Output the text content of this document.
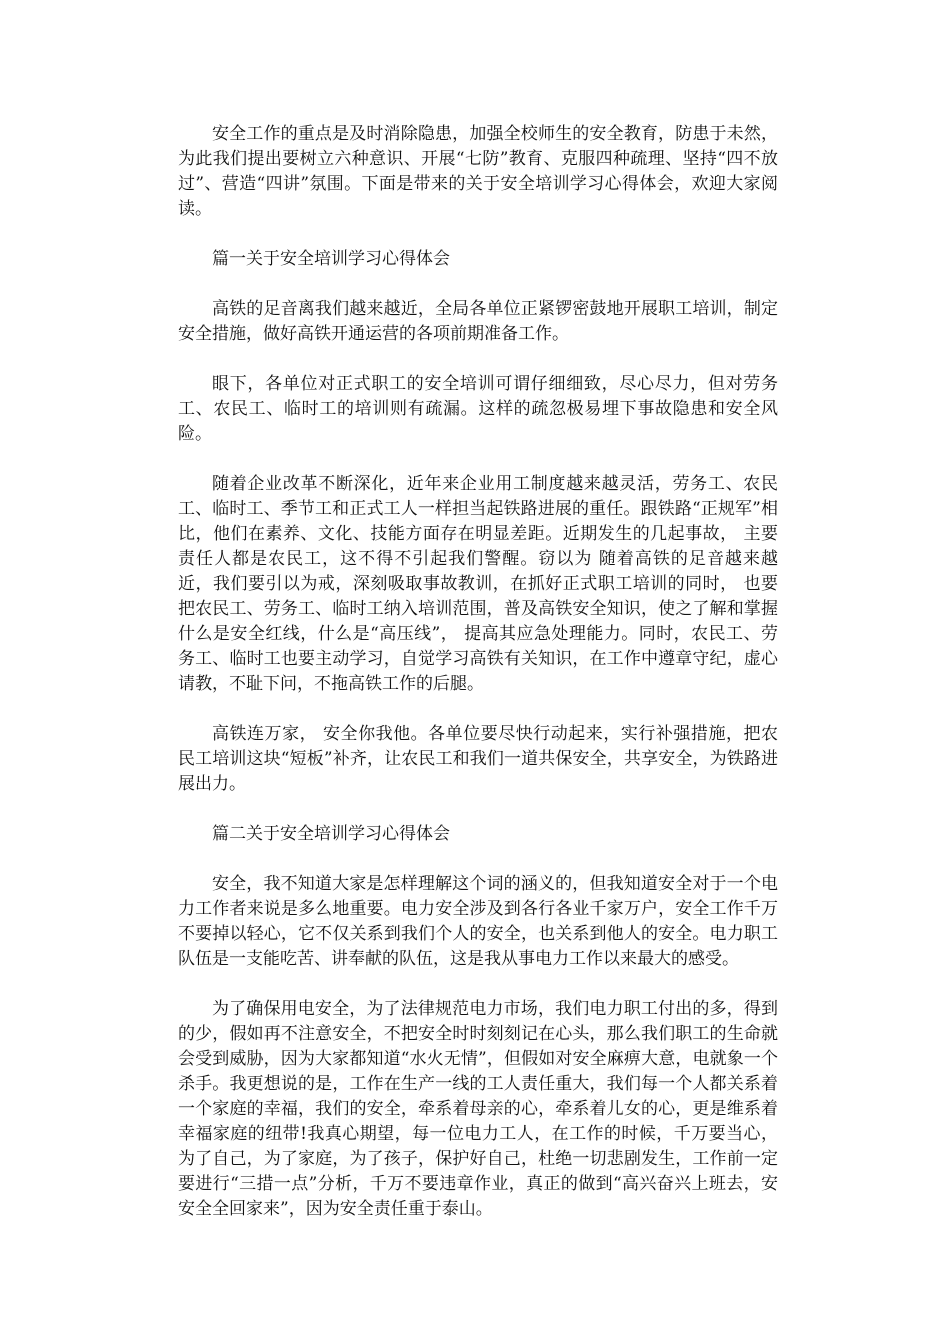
安全工作的重点是及时消除隐患，加强全校师生的安全教育，防患于未然，为此我们提出要树立六种意识、开展“七防”教育、克服四种疏理、坚持“四不放过”、营造“四讲”氛围。下面是带来的关于安全培训学习心得体会，欢迎大家阅读。

篇一关于安全培训学习心得体会

高铁的足音离我们越来越近，全局各单位正紧锣密鼓地开展职工培训，制定安全措施，做好高铁开通运营的各项前期准备工作。

眼下，各单位对正式职工的安全培训可谓仔细细致，尽心尽力，但对劳务工、农民工、临时工的培训则有疏漏。这样的疏忽极易埋下事故隐患和安全风险。

随着企业改革不断深化，近年来企业用工制度越来越灵活，劳务工、农民工、临时工、季节工和正式工人一样担当起铁路进展的重任。跟铁路“正规军”相比，他们在素养、文化、技能方面存在明显差距。近期发生的几起事故， 主要责任人都是农民工，这不得不引起我们警醒。窃以为 随着高铁的足音越来越近，我们要引以为戒，深刻吸取事故教训，在抓好正式职工培训的同时， 也要把农民工、劳务工、临时工纳入培训范围，普及高铁安全知识，使之了解和掌握什么是安全红线，什么是“高压线”， 提高其应急处理能力。同时，农民工、劳务工、临时工也要主动学习，自觉学习高铁有关知识，在工作中遵章守纪，虚心请教，不耻下问，不拖高铁工作的后腿。

高铁连万家， 安全你我他。各单位要尽快行动起来，实行补强措施，把农民工培训这块“短板”补齐，让农民工和我们一道共保安全，共享安全，为铁路进展出力。

篇二关于安全培训学习心得体会

安全，我不知道大家是怎样理解这个词的涵义的，但我知道安全对于一个电力工作者来说是多么地重要。电力安全涉及到各行各业千家万户，安全工作千万不要掉以轻心，它不仅关系到我们个人的安全，也关系到他人的安全。电力职工队伍是一支能吃苦、讲奉献的队伍，这是我从事电力工作以来最大的感受。

为了确保用电安全，为了法律规范电力市场，我们电力职工付出的多，得到的少，假如再不注意安全，不把安全时时刻刻记在心头，那么我们职工的生命就会受到威胁，因为大家都知道“水火无情”，但假如对安全麻痹大意，电就象一个杀手。我更想说的是，工作在生产一线的工人责任重大，我们每一个人都关系着一个家庭的幸福，我们的安全，牵系着母亲的心，牵系着儿女的心，更是维系着幸福家庭的纽带!我真心期望，每一位电力工人，在工作的时候，千万要当心，为了自己，为了家庭，为了孩子，保护好自己，杜绝一切悲剧发生，工作前一定要进行“三措一点”分析，千万不要违章作业，真正的做到“高兴奋兴上班去，安安全全回家来”，因为安全责任重于泰山。
